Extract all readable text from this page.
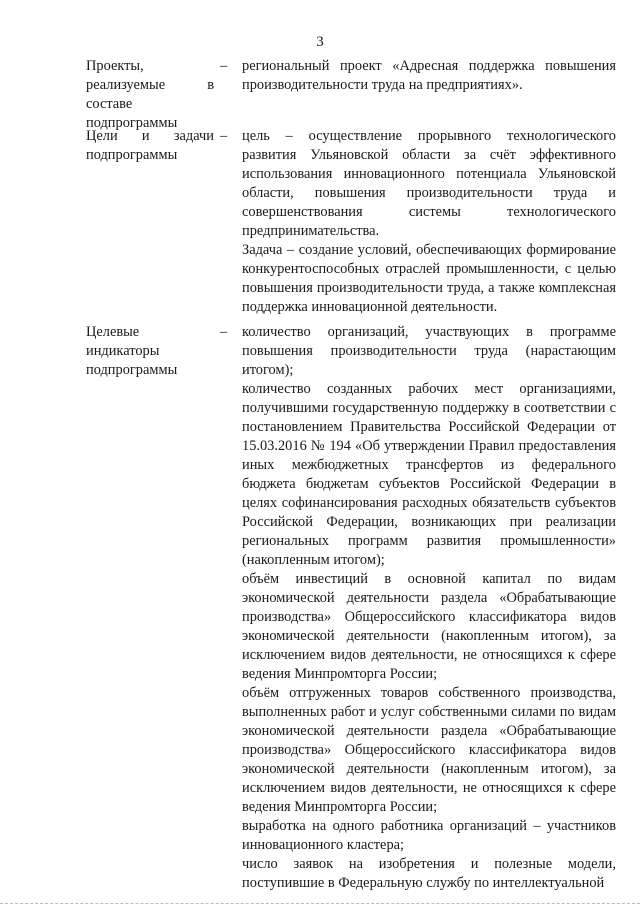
3
Проекты, реализуемые в составе подпрограммы
– региональный проект «Адресная поддержка повышения производительности труда на предприятиях».

Цели и задачи подпрограммы
– цель – осуществление прорывного технологического развития Ульяновской области за счёт эффективного использования инновационного потенциала Ульяновской области, повышения производительности труда и совершенствования системы технологического предпринимательства.

Задача – создание условий, обеспечивающих формирование конкурентоспособных отраслей промышленности, с целью повышения производительности труда, а также комплексная поддержка инновационной деятельности.

Целевые индикаторы подпрограммы
– количество организаций, участвующих в программе повышения производительности труда (нарастающим итогом);

количество созданных рабочих мест организациями, получившими государственную поддержку в соответствии с постановлением Правительства Российской Федерации от 15.03.2016 № 194 «Об утверждении Правил предоставления иных межбюджетных трансфертов из федерального бюджета бюджетам субъектов Российской Федерации в целях софинансирования расходных обязательств субъектов Российской Федерации, возникающих при реализации региональных программ развития промышленности» (накопленным итогом);

объём инвестиций в основной капитал по видам экономической деятельности раздела «Обрабатывающие производства» Общероссийского классификатора видов экономической деятельности (накопленным итогом), за исключением видов деятельности, не относящихся к сфере ведения Минпромторга России;

объём отгруженных товаров собственного производства, выполненных работ и услуг собственными силами по видам экономической деятельности раздела «Обрабатывающие производства» Общероссийского классификатора видов экономической деятельности (накопленным итогом), за исключением видов деятельности, не относящихся к сфере ведения Минпромторга России;

выработка на одного работника организаций – участников инновационного кластера;

число заявок на изобретения и полезные модели, поступившие в Федеральную службу по интеллектуальной
